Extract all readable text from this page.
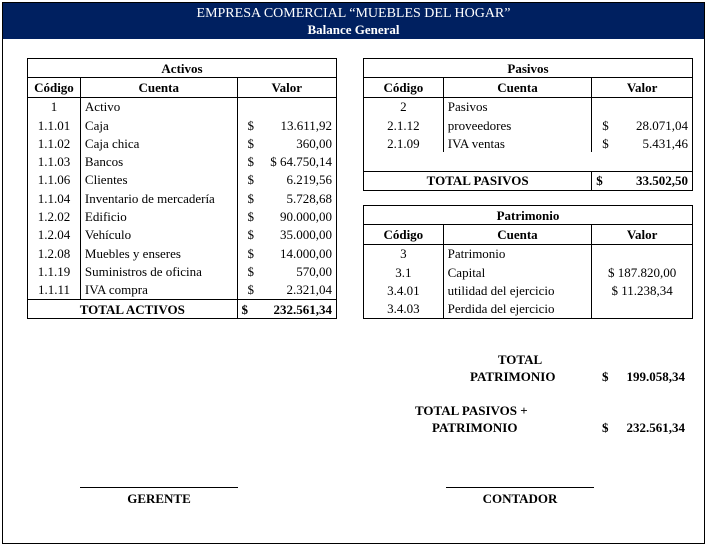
EMPRESA COMERCIAL “MUEBLES DEL HOGAR”
Balance General
Activos		
Código	Cuenta	Valor
1	Activo	

1.1.01	Caja	$ 13.611,92

1.1.02	Caja chica	$ 360,00

1.1.03	Bancos	$ $ 64.750,14

1.1.06	Clientes	$ 6.219,56

1.1.04	Inventario de mercadería	$ 5.728,68

1.2.02	Edificio	$ 90.000,00

1.2.04	Vehículo	$ 35.000,00

1.2.08	Muebles y enseres	$ 14.000,00

1.1.19	Suministros de oficina	$ 570,00

1.1.11	IVA compra	$ 2.321,04

TOTAL ACTIVOS		$ 232.561,34
Pasivos		
Código	Cuenta	Valor
2	Pasivos	

2.1.12	proveedores	$ 28.071,04

2.1.09	IVA ventas	$ 5.431,46

TOTAL PASIVOS		$ 33.502,50
Patrimonio		
Código	Cuenta	Valor
3	Patrimonio	
3.1	Capital	$ 187.820,00
3.4.01	utilidad del ejercicio	$ 11.238,34
3.4.03	Perdida del ejercicio	
TOTAL
PATRIMONIO	$ 199.058,34
TOTAL PASIVOS +
PATRIMONIO	$ 232.561,34
GERENTE	CONTADOR
